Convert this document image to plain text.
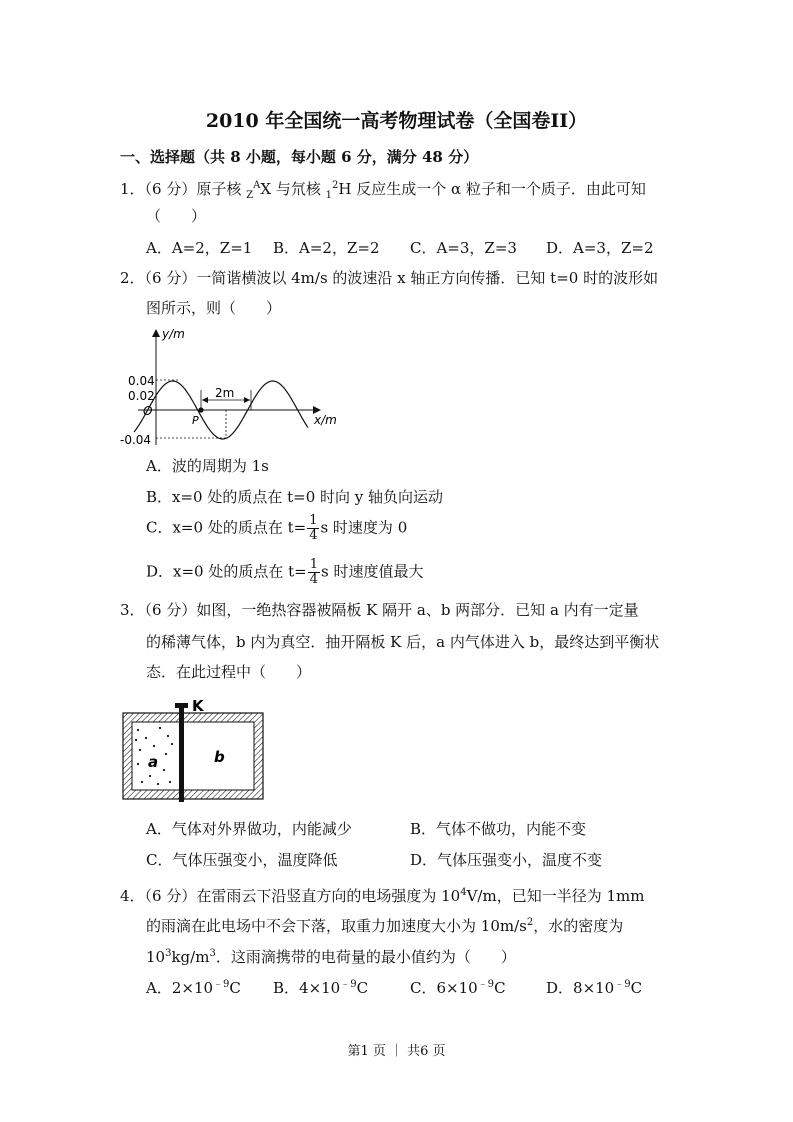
2010 年全国统一高考物理试卷（全国卷II）
一、选择题（共 8 小题，每小题 6 分，满分 48 分）
1．（6 分）原子核 $_Z^A$X 与氘核 $_1^2$H 反应生成一个 α 粒子和一个质子．由此可知
（　　）
A．A=2，Z=1 B．A=2，Z=2 C．A=3，Z=3 D．A=3，Z=2
2．（6 分）一简谐横波以 4m/s 的波速沿 x 轴正方向传播．已知 t=0 时的波形如
图所示，则（　　）
y/m
x/m
0.04
0.02
O
-0.04
2m
P
A．波的周期为 1s
B．x=0 处的质点在 t=0 时向 y 轴负向运动
C．x=0 处的质点在 $t= \frac{1}{4}$ s 时速度为 0
D．x=0 处的质点在 $t= \frac{1}{4}$ s 时速度值最大
3．（6 分）如图，一绝热容器被隔板 K 隔开 a、b 两部分．已知 a 内有一定量
的稀薄气体，b 内为真空．抽开隔板 K 后，a 内气体进入 b，最终达到平衡状
态．在此过程中（　　）
K
a	b
A．气体对外界做功，内能减少	B．气体不做功，内能不变
C．气体压强变小，温度降低	D．气体压强变小，温度不变
4．（6 分）在雷雨云下沿竖直方向的电场强度为 $10^4V/m$，已知一半径为 1mm
的雨滴在此电场中不会下落，取重力加速度大小为 $10m/s^2$，水的密度为
$10^3kg/m^3$．这雨滴携带的电荷量的最小值约为（　　）
A．$2\times 10^{﹣9}C$ B．$4\times 10^{﹣9}C$	C．$6\times 10^{﹣9}C$	D．$8\times 10^{﹣9}C$
第1 页 ｜ 共6 页
